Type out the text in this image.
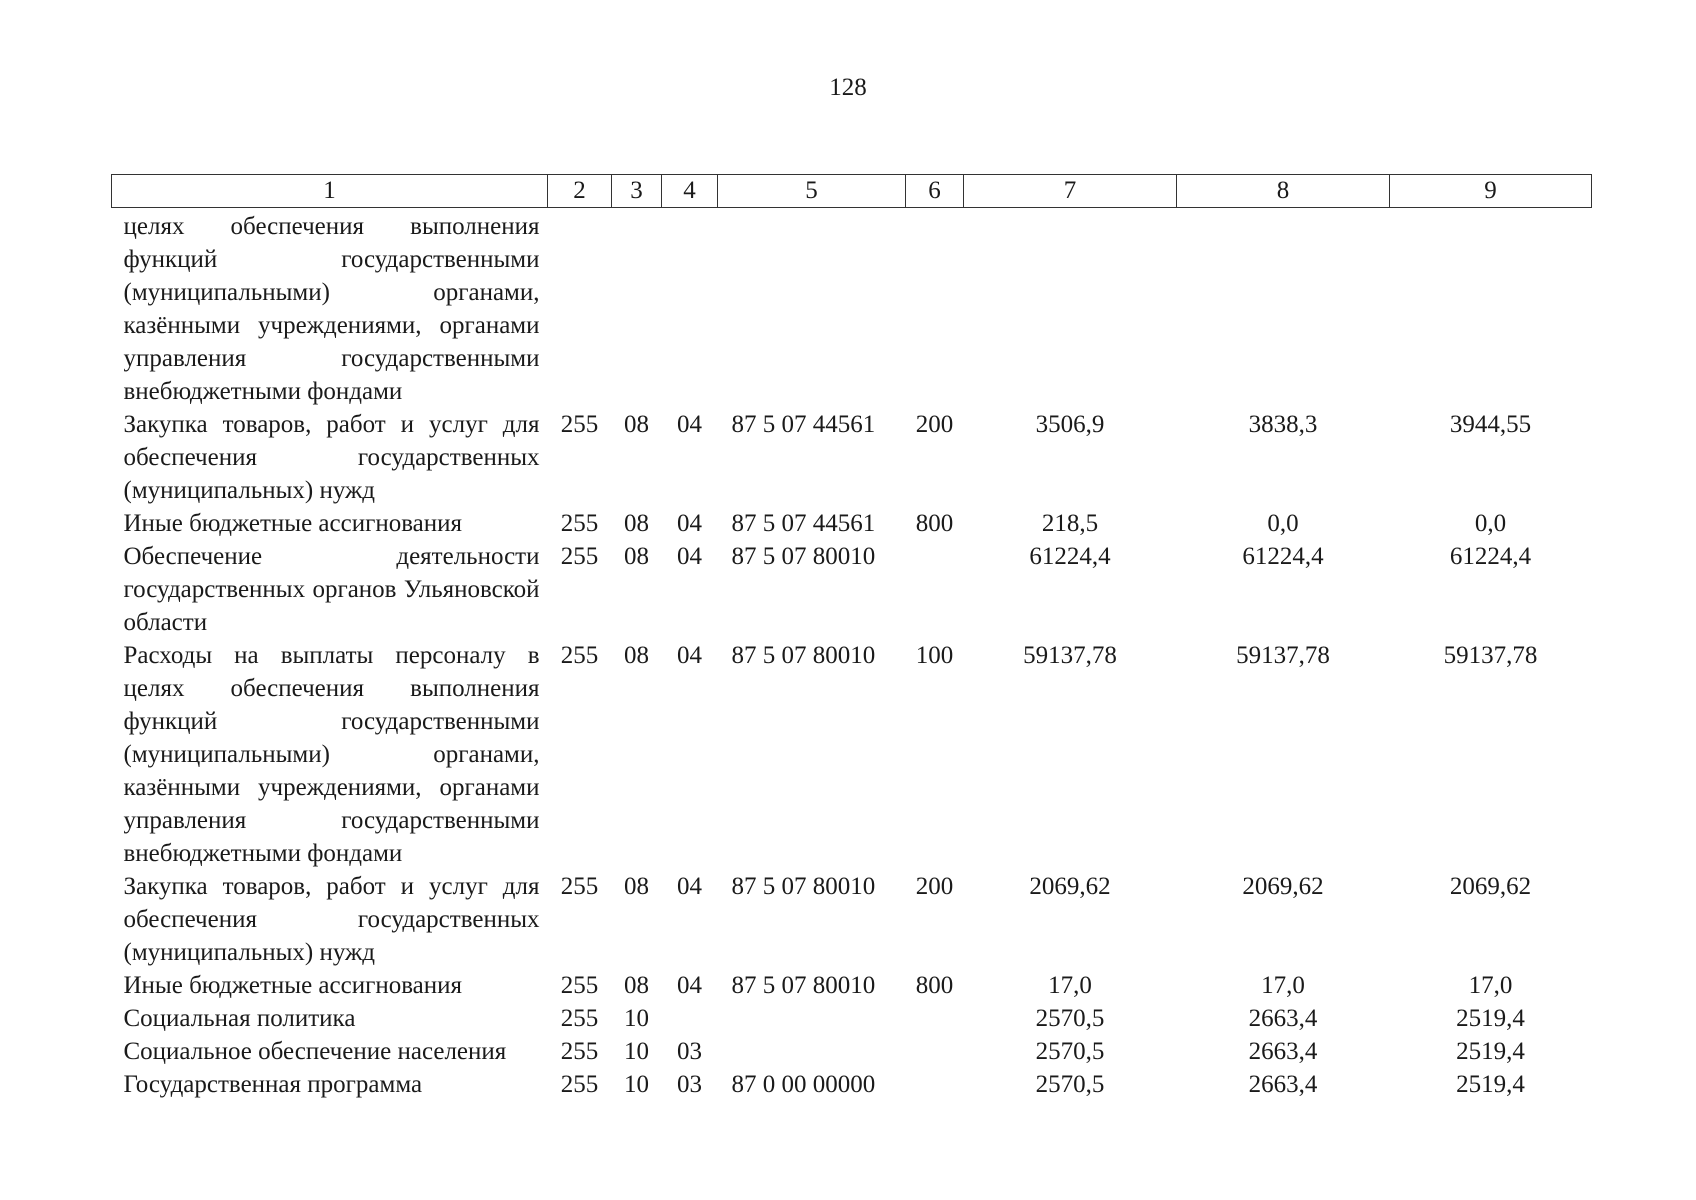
128
1	2	3	4	5	6	7	8	9
целях обеспечения выполнения функций государственными (муниципальными) органами, казёнными учреждениями, органами управления государственными внебюджетными фондами								
Закупка товаров, работ и услуг для обеспечения государственных (муниципальных) нужд	255	08	04	87 5 07 44561	200	3506,9	3838,3	3944,55
Иные бюджетные ассигнования	255	08	04	87 5 07 44561	800	218,5	0,0	0,0
Обеспечение деятельности государственных органов Ульяновской области	255	08	04	87 5 07 80010		61224,4	61224,4	61224,4
Расходы на выплаты персоналу в целях обеспечения выполнения функций государственными (муниципальными) органами, казёнными учреждениями, органами управления государственными внебюджетными фондами	255	08	04	87 5 07 80010	100	59137,78	59137,78	59137,78
Закупка товаров, работ и услуг для обеспечения государственных (муниципальных) нужд	255	08	04	87 5 07 80010	200	2069,62	2069,62	2069,62
Иные бюджетные ассигнования	255	08	04	87 5 07 80010	800	17,0	17,0	17,0
Социальная политика	255	10				2570,5	2663,4	2519,4
Социальное обеспечение населения	255	10	03			2570,5	2663,4	2519,4
Государственная программа	255	10	03	87 0 00 00000		2570,5	2663,4	2519,4
